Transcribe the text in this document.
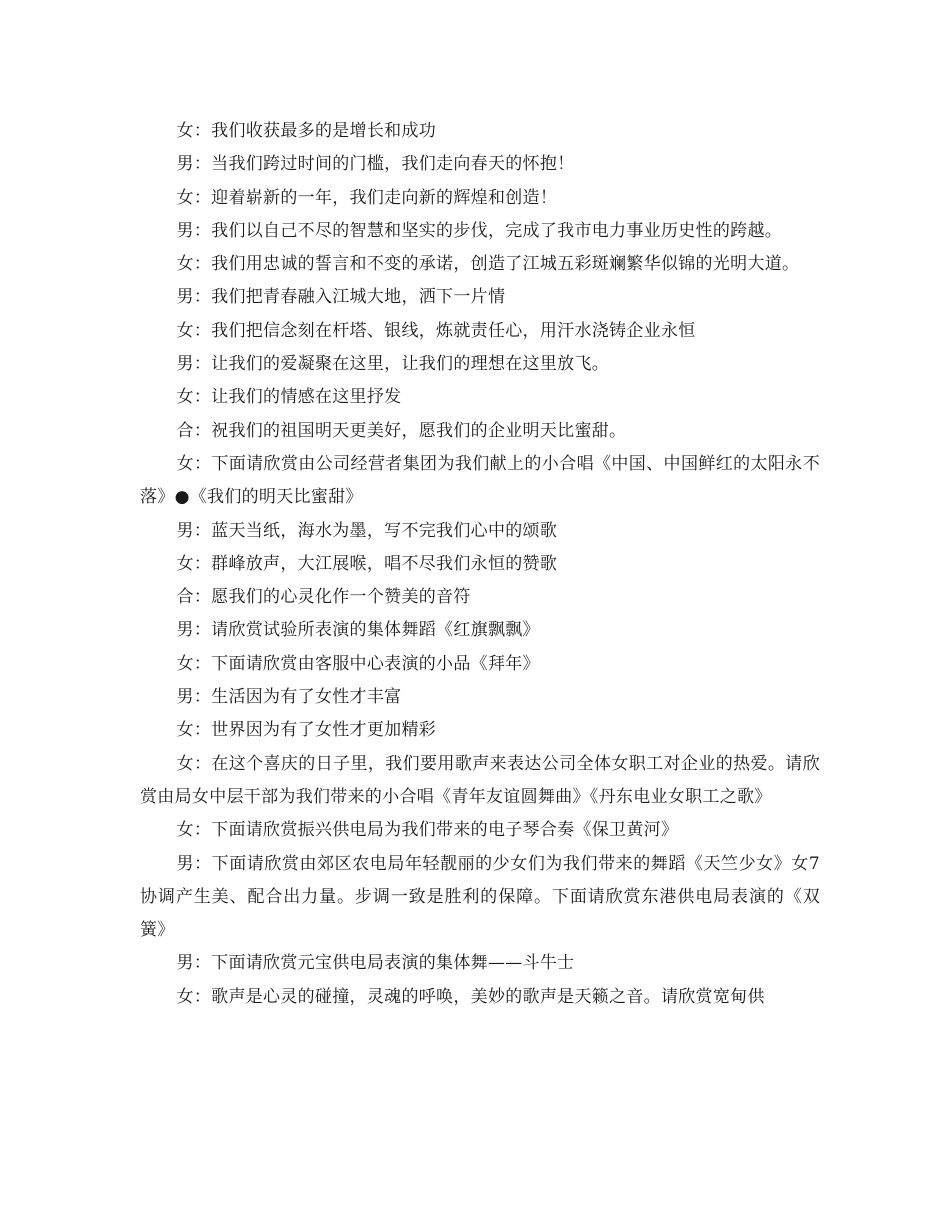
女：我们收获最多的是增长和成功

男：当我们跨过时间的门槛，我们走向春天的怀抱！

女：迎着崭新的一年，我们走向新的辉煌和创造！

男：我们以自己不尽的智慧和坚实的步伐，完成了我市电力事业历史性的跨越。

女：我们用忠诚的誓言和不变的承诺，创造了江城五彩斑斓繁华似锦的光明大道。

男：我们把青春融入江城大地，洒下一片情

女：我们把信念刻在杆塔、银线，炼就责任心，用汗水浇铸企业永恒

男：让我们的爱凝聚在这里，让我们的理想在这里放飞。

女：让我们的情感在这里抒发

合：祝我们的祖国明天更美好，愿我们的企业明天比蜜甜。

女：下面请欣赏由公司经营者集团为我们献上的小合唱《中国、中国鲜红的太阳永不落》●《我们的明天比蜜甜》

男：蓝天当纸，海水为墨，写不完我们心中的颂歌

女：群峰放声，大江展喉，唱不尽我们永恒的赞歌

合：愿我们的心灵化作一个赞美的音符

男：请欣赏试验所表演的集体舞蹈《红旗飘飘》

女：下面请欣赏由客服中心表演的小品《拜年》

男：生活因为有了女性才丰富

女：世界因为有了女性才更加精彩

女：在这个喜庆的日子里，我们要用歌声来表达公司全体女职工对企业的热爱。请欣赏由局女中层干部为我们带来的小合唱《青年友谊圆舞曲》《丹东电业女职工之歌》

女：下面请欣赏振兴供电局为我们带来的电子琴合奏《保卫黄河》

男：下面请欣赏由郊区农电局年轻靓丽的少女们为我们带来的舞蹈《天竺少女》女7协调产生美、配合出力量。步调一致是胜利的保障。下面请欣赏东港供电局表演的《双簧》

男：下面请欣赏元宝供电局表演的集体舞——斗牛士

女：歌声是心灵的碰撞，灵魂的呼唤，美妙的歌声是天籁之音。请欣赏宽甸供
